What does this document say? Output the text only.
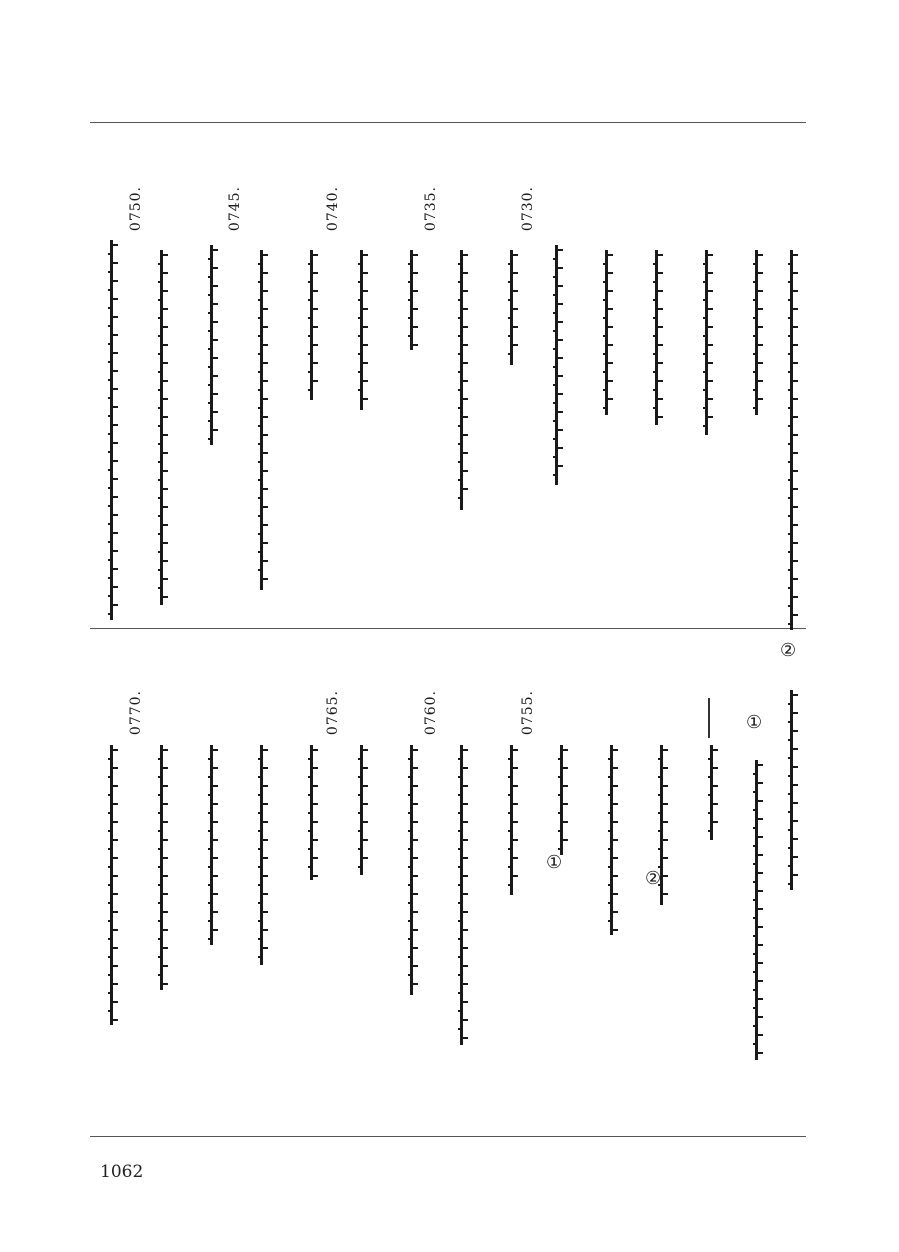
0750.	0745.	0740.	0735.	0730.
0770.	0765.	0760.	0755.	①
②
②
①
1062
